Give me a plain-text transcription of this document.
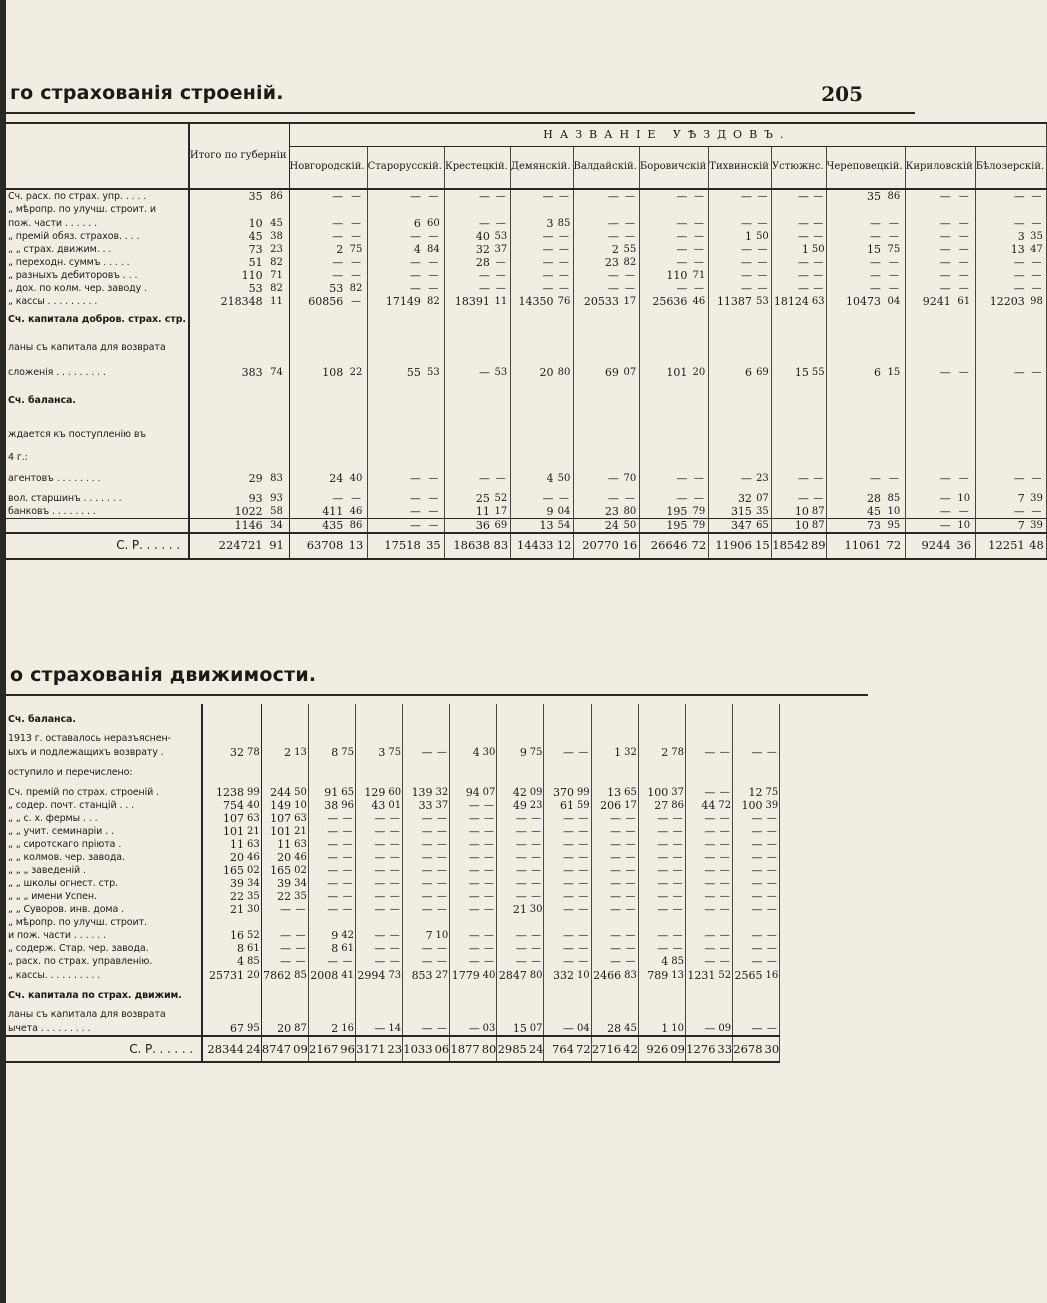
го страхованія строеній.	205
	Итого по губерніи		НАЗВАНІЕ УѢЗДОВЪ.																					
			Новгородскій.		Старорусскій.		Крестецкій.		Демянскій.		Валдайскій.		Боровичскій		Тихвинскій		Устюжнс.		Череповецкій.		Кириловскій		Бѣлозерскій.	
Сч. расх. по страх. упр. . . . .	35	86	—	—	—	—	—	—	—	—	—	—	—	—	—	—	—	—	35	86	—	—	—	—
„ мѣропр. по улучш. строит. и																								
пож. части . . . . . .	10	45	—	—	6	60	—	—	3	85	—	—	—	—	—	—	—	—	—	—	—	—	—	—
„ премій обяз. страхов. . . .	45	38	—	—	—	—	40	53	—	—	—	—	—	—	1	50	—	—	—	—	—	—	3	35
„ „ страх. движим. . .	73	23	2	75	4	84	32	37	—	—	2	55	—	—	—	—	1	50	15	75	—	—	13	47
„ переходн. суммъ . . . . .	51	82	—	—	—	—	28	—	—	—	23	82	—	—	—	—	—	—	—	—	—	—	—	—
„ разныхъ дебиторовъ . . .	110	71	—	—	—	—	—	—	—	—	—	—	110	71	—	—	—	—	—	—	—	—	—	—
„ дох. по колм. чер. заводу .	53	82	53	82	—	—	—	—	—	—	—	—	—	—	—	—	—	—	—	—	—	—	—	—
„ кассы . . . . . . . . .	218348	11	60856	—	17149	82	18391	11	14350	76	20533	17	25636	46	11387	53	18124	63	10473	04	9241	61	12203	98
Сч. капитала добров. страх. стр.																								
ланы съ капитала для возврата																								
сложенія . . . . . . . . .	383	74	108	22	55	53	—	53	20	80	69	07	101	20	6	69	15	55	6	15	—	—	—	—
Сч. баланса.																								
ждается къ поступленію въ																								
4 г.:																								
агентовъ . . . . . . . .	29	83	24	40	—	—	—	—	4	50	—	70	—	—	—	23	—	—	—	—	—	—	—	—
вол. старшинъ . . . . . . .	93	93	—	—	—	—	25	52	—	—	—	—	—	—	32	07	—	—	28	85	—	10	7	39
банковъ . . . . . . . .	1022	58	411	46	—	—	11	17	9	04	23	80	195	79	315	35	10	87	45	10	—	—	—	—
	1146	34	435	86	—	—	36	69	13	54	24	50	195	79	347	65	10	87	73	95	—	10	7	39
С. Р. . . . . .	224721	91	63708	13	17518	35	18638	83	14433	12	20770	16	26646	72	11906	15	18542	89	11061	72	9244	36	12251	48
о страхованія движимости.
Сч. баланса.																								
1913 г. оставалось неразъяснен-																								
ыхъ и подлежащихъ возврату .	32	78	2	13	8	75	3	75	—	—	4	30	9	75	—	—	1	32	2	78	—	—	—	—
оступило и перечислено:																								
Сч. премій по страх. строеній .	1238	99	244	50	91	65	129	60	139	32	94	07	42	09	370	99	13	65	100	37	—	—	12	75
„ содер. почт. станцій . . .	754	40	149	10	38	96	43	01	33	37	—	—	49	23	61	59	206	17	27	86	44	72	100	39
„ „ с. х. фермы . . .	107	63	107	63	—	—	—	—	—	—	—	—	—	—	—	—	—	—	—	—	—	—	—	—
„ „ учит. семинаріи . .	101	21	101	21	—	—	—	—	—	—	—	—	—	—	—	—	—	—	—	—	—	—	—	—
„ „ сиротскаго пріюта .	11	63	11	63	—	—	—	—	—	—	—	—	—	—	—	—	—	—	—	—	—	—	—	—
„ „ колмов. чер. завода.	20	46	20	46	—	—	—	—	—	—	—	—	—	—	—	—	—	—	—	—	—	—	—	—
„ „ „ заведеній .	165	02	165	02	—	—	—	—	—	—	—	—	—	—	—	—	—	—	—	—	—	—	—	—
„ „ школы огнест. стр.	39	34	39	34	—	—	—	—	—	—	—	—	—	—	—	—	—	—	—	—	—	—	—	—
„ „ „ имени Успен.	22	35	22	35	—	—	—	—	—	—	—	—	—	—	—	—	—	—	—	—	—	—	—	—
„ „ Суворов. инв. дома .	21	30	—	—	—	—	—	—	—	—	—	—	21	30	—	—	—	—	—	—	—	—	—	—
„ мѣропр. по улучш. строит.																								
и пож. части . . . . . .	16	52	—	—	9	42	—	—	7	10	—	—	—	—	—	—	—	—	—	—	—	—	—	—
„ содерж. Стар. чер. завода.	8	61	—	—	8	61	—	—	—	—	—	—	—	—	—	—	—	—	—	—	—	—	—	—
„ расх. по страх. управленію.	4	85	—	—	—	—	—	—	—	—	—	—	—	—	—	—	—	—	4	85	—	—	—	—
„ кассы. . . . . . . . . .	25731	20	7862	85	2008	41	2994	73	853	27	1779	40	2847	80	332	10	2466	83	789	13	1231	52	2565	16
Сч. капитала по страх. движим.																								
ланы съ капитала для возврата																								
ычета . . . . . . . . .	67	95	20	87	2	16	—	14	—	—	—	03	15	07	—	04	28	45	1	10	—	09	—	—
С. Р. . . . . .	28344	24	8747	09	2167	96	3171	23	1033	06	1877	80	2985	24	764	72	2716	42	926	09	1276	33	2678	30
